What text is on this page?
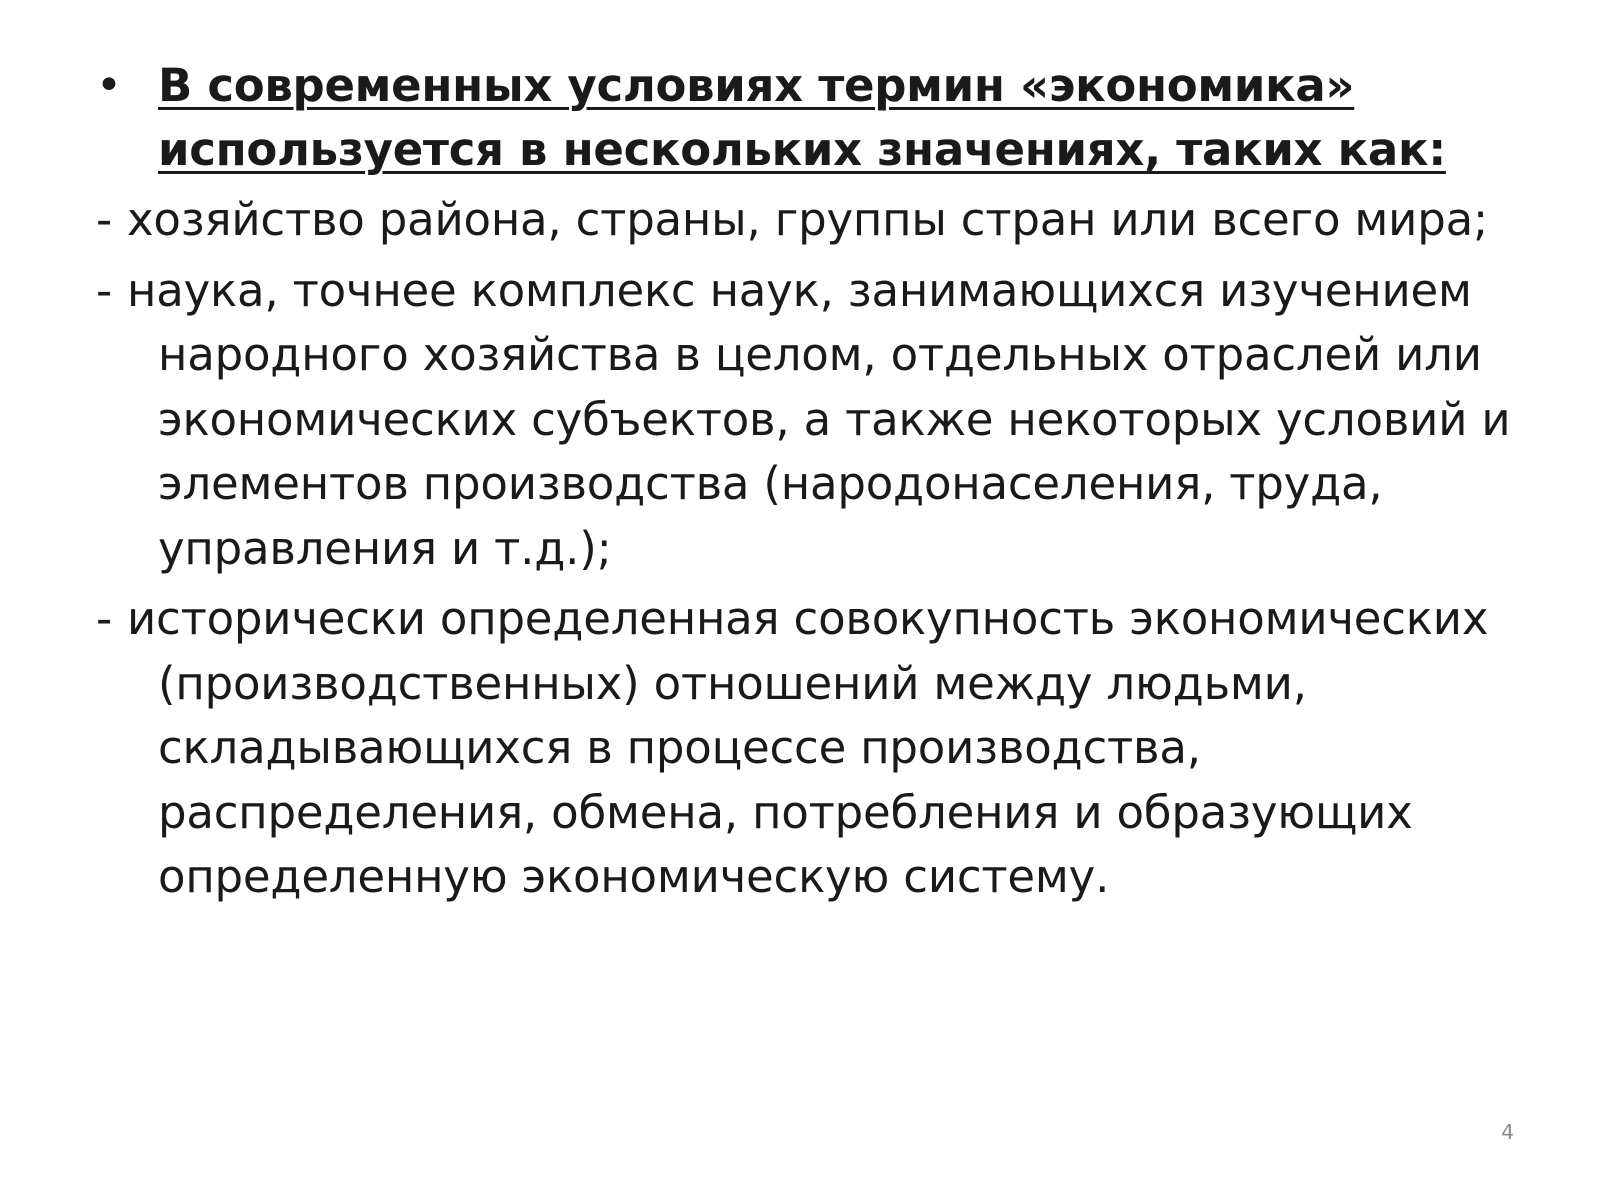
• В современных условиях термин «экономика» используется в нескольких значениях, таких как:

- хозяйство района, страны, группы стран или всего мира;

- наука, точнее комплекс наук, занимающихся изучением народного хозяйства в целом, отдельных отраслей или экономических субъектов, а также некоторых условий и элементов производства (народонаселения, труда, управления и т.д.);

- исторически определенная совокупность экономических (производственных) отношений между людьми, складывающихся в процессе производства, распределения, обмена, потребления и образующих определенную экономическую систему.

4
